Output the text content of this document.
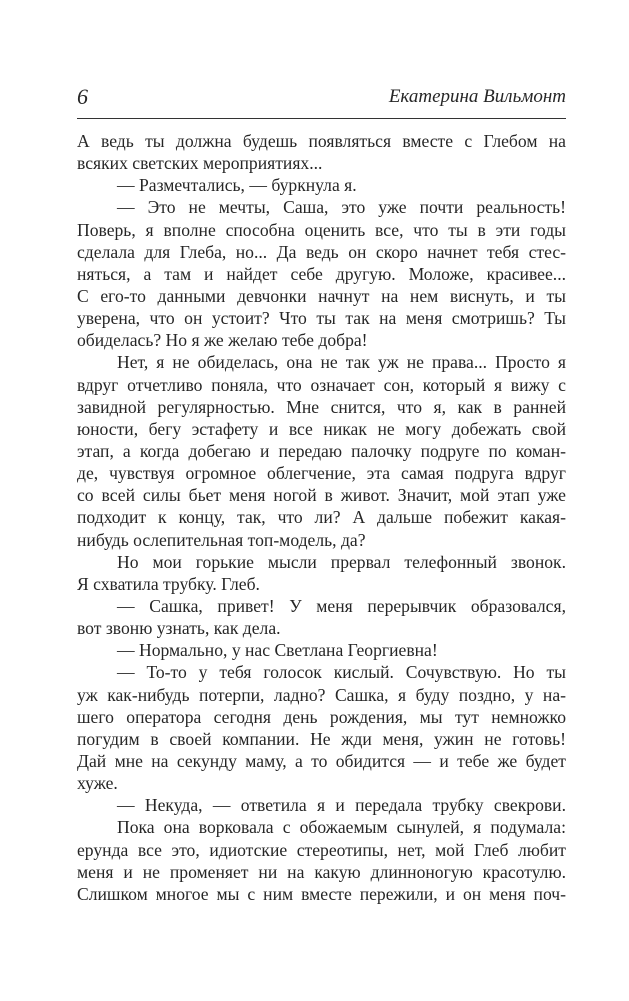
6	Екатерина Вильмонт
А ведь ты должна будешь появляться вместе с Глебом на
всяких светских мероприятиях...
— Размечтались, — буркнула я.
— Это не мечты, Саша, это уже почти реальность!
Поверь, я вполне способна оценить все, что ты в эти годы
сделала для Глеба, но... Да ведь он скоро начнет тебя стес-
няться, а там и найдет себе другую. Моложе, красивее...
С его-то данными девчонки начнут на нем виснуть, и ты
уверена, что он устоит? Что ты так на меня смотришь? Ты
обиделась? Но я же желаю тебе добра!
Нет, я не обиделась, она не так уж не права... Просто я
вдруг отчетливо поняла, что означает сон, который я вижу с
завидной регулярностью. Мне снится, что я, как в ранней
юности, бегу эстафету и все никак не могу добежать свой
этап, а когда добегаю и передаю палочку подруге по коман-
де, чувствуя огромное облегчение, эта самая подруга вдруг
со всей силы бьет меня ногой в живот. Значит, мой этап уже
подходит к концу, так, что ли? А дальше побежит какая-
нибудь ослепительная топ-модель, да?
Но мои горькие мысли прервал телефонный звонок.
Я схватила трубку. Глеб.
— Сашка, привет! У меня перерывчик образовался,
вот звоню узнать, как дела.
— Нормально, у нас Светлана Георгиевна!
— То-то у тебя голосок кислый. Сочувствую. Но ты
уж как-нибудь потерпи, ладно? Сашка, я буду поздно, у на-
шего оператора сегодня день рождения, мы тут немножко
погудим в своей компании. Не жди меня, ужин не готовь!
Дай мне на секунду маму, а то обидится — и тебе же будет
хуже.
— Некуда, — ответила я и передала трубку свекрови.
Пока она ворковала с обожаемым сынулей, я подумала:
ерунда все это, идиотские стереотипы, нет, мой Глеб любит
меня и не променяет ни на какую длинноногую красотулю.
Слишком многое мы с ним вместе пережили, и он меня поч-
